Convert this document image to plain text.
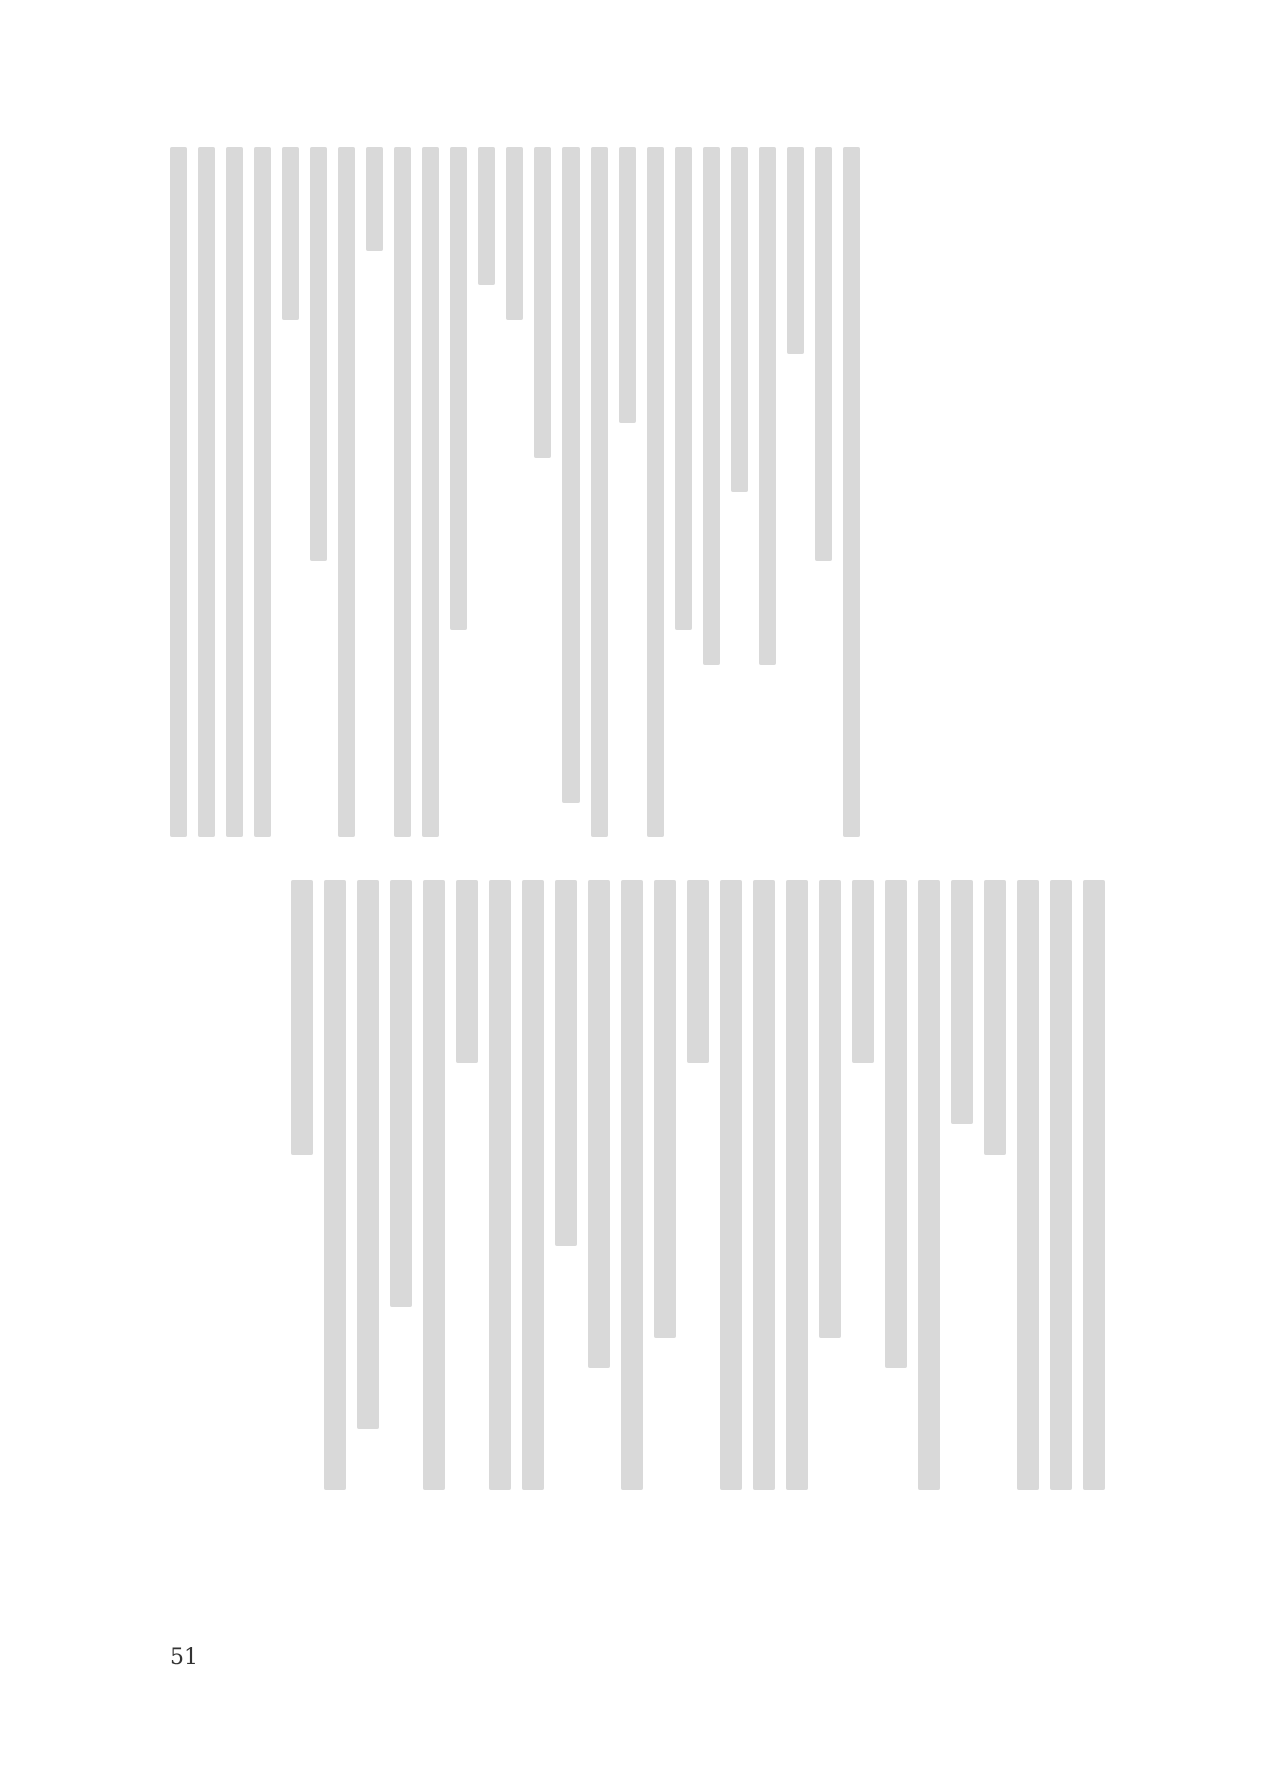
51
